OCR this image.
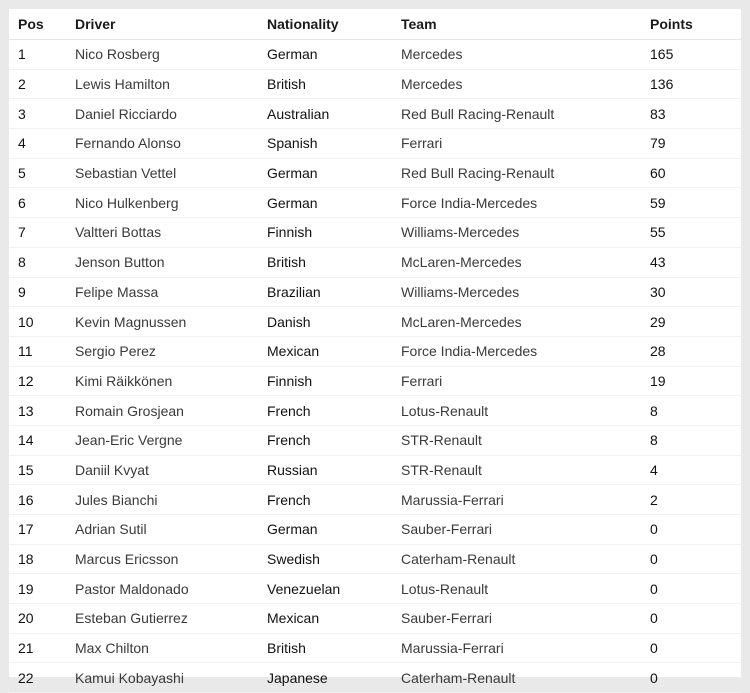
Pos	Driver	Nationality	Team	Points
1	Nico Rosberg	German	Mercedes	165
2	Lewis Hamilton	British	Mercedes	136
3	Daniel Ricciardo	Australian	Red Bull Racing-Renault	83
4	Fernando Alonso	Spanish	Ferrari	79
5	Sebastian Vettel	German	Red Bull Racing-Renault	60
6	Nico Hulkenberg	German	Force India-Mercedes	59
7	Valtteri Bottas	Finnish	Williams-Mercedes	55
8	Jenson Button	British	McLaren-Mercedes	43
9	Felipe Massa	Brazilian	Williams-Mercedes	30
10	Kevin Magnussen	Danish	McLaren-Mercedes	29
11	Sergio Perez	Mexican	Force India-Mercedes	28
12	Kimi Räikkönen	Finnish	Ferrari	19
13	Romain Grosjean	French	Lotus-Renault	8
14	Jean-Eric Vergne	French	STR-Renault	8
15	Daniil Kvyat	Russian	STR-Renault	4
16	Jules Bianchi	French	Marussia-Ferrari	2
17	Adrian Sutil	German	Sauber-Ferrari	0
18	Marcus Ericsson	Swedish	Caterham-Renault	0
19	Pastor Maldonado	Venezuelan	Lotus-Renault	0
20	Esteban Gutierrez	Mexican	Sauber-Ferrari	0
21	Max Chilton	British	Marussia-Ferrari	0
22	Kamui Kobayashi	Japanese	Caterham-Renault	0
